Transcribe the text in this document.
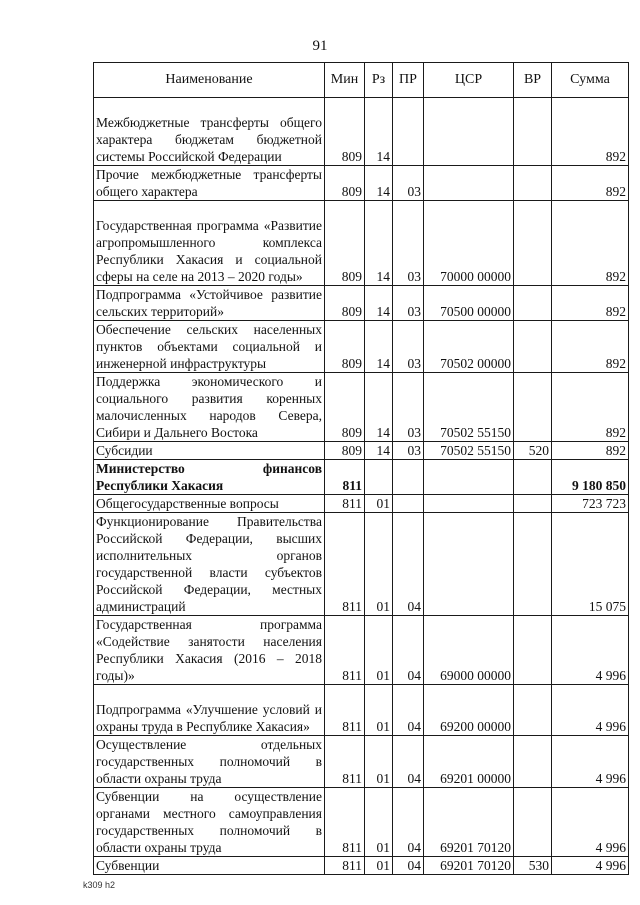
91
Наименование	Мин	Рз	ПР	ЦСР	ВР	Сумма
Межбюджетные трансферты общего характера бюджетам бюджетной системы Российской Федерации	809	14				892
Прочие межбюджетные трансферты общего характера	809	14	03			892
Государственная программа «Развитие агропромышленного комплекса Республики Хакасия и социальной сферы на селе на 2013 – 2020 годы»	809	14	03	70000 00000		892
Подпрограмма «Устойчивое развитие сельских территорий»	809	14	03	70500 00000		892
Обеспечение сельских населенных пунктов объектами социальной и инженерной инфраструктуры	809	14	03	70502 00000		892
Поддержка экономического и социального развития коренных малочисленных народов Севера, Сибири и Дальнего Востока	809	14	03	70502 55150		892
Субсидии	809	14	03	70502 55150	520	892
Министерство финансов Республики Хакасия	811					9 180 850
Общегосударственные вопросы	811	01				723 723
Функционирование Правительства Российской Федерации, высших исполнительных органов государственной власти субъектов Российской Федерации, местных администраций	811	01	04			15 075
Государственная программа «Содействие занятости населения Республики Хакасия (2016 – 2018 годы)»	811	01	04	69000 00000		4 996
Подпрограмма «Улучшение условий и охраны труда в Республике Хакасия»	811	01	04	69200 00000		4 996
Осуществление отдельных государственных полномочий в области охраны труда	811	01	04	69201 00000		4 996
Субвенции на осуществление органами местного самоуправления государственных полномочий в области охраны труда	811	01	04	69201 70120		4 996
Субвенции	811	01	04	69201 70120	530	4 996
k309 h2
